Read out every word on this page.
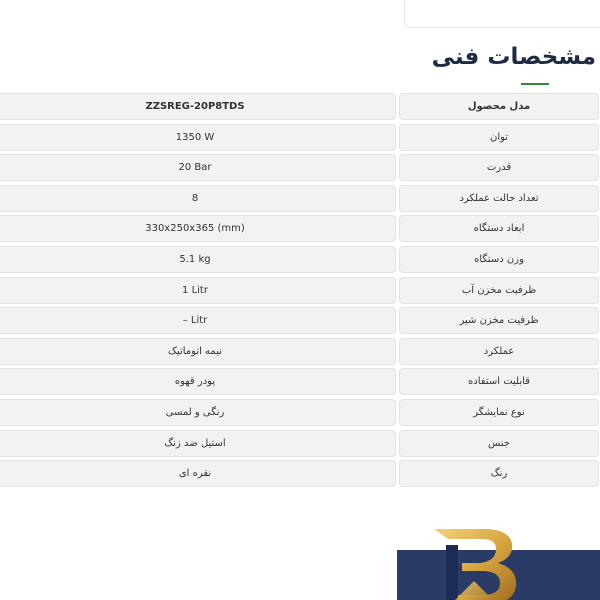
مشخصات فنی
ZZSREG-20P8TDS	مدل محصول
1350 W	توان
20 Bar	قدرت
8	تعداد حالت عملکرد
330x250x365 (mm)	ابعاد دستگاه
5.1 kg	وزن دستگاه
1 Litr	ظرفیت مخزن آب
– Litr	ظرفیت مخزن شیر
نیمه اتوماتیک	عملکرد
پودر قهوه	قابلیت استفاده
رنگی و لمسی	نوع نمایشگر
استیل ضد زنگ	جنس
نقره ای	رنگ
